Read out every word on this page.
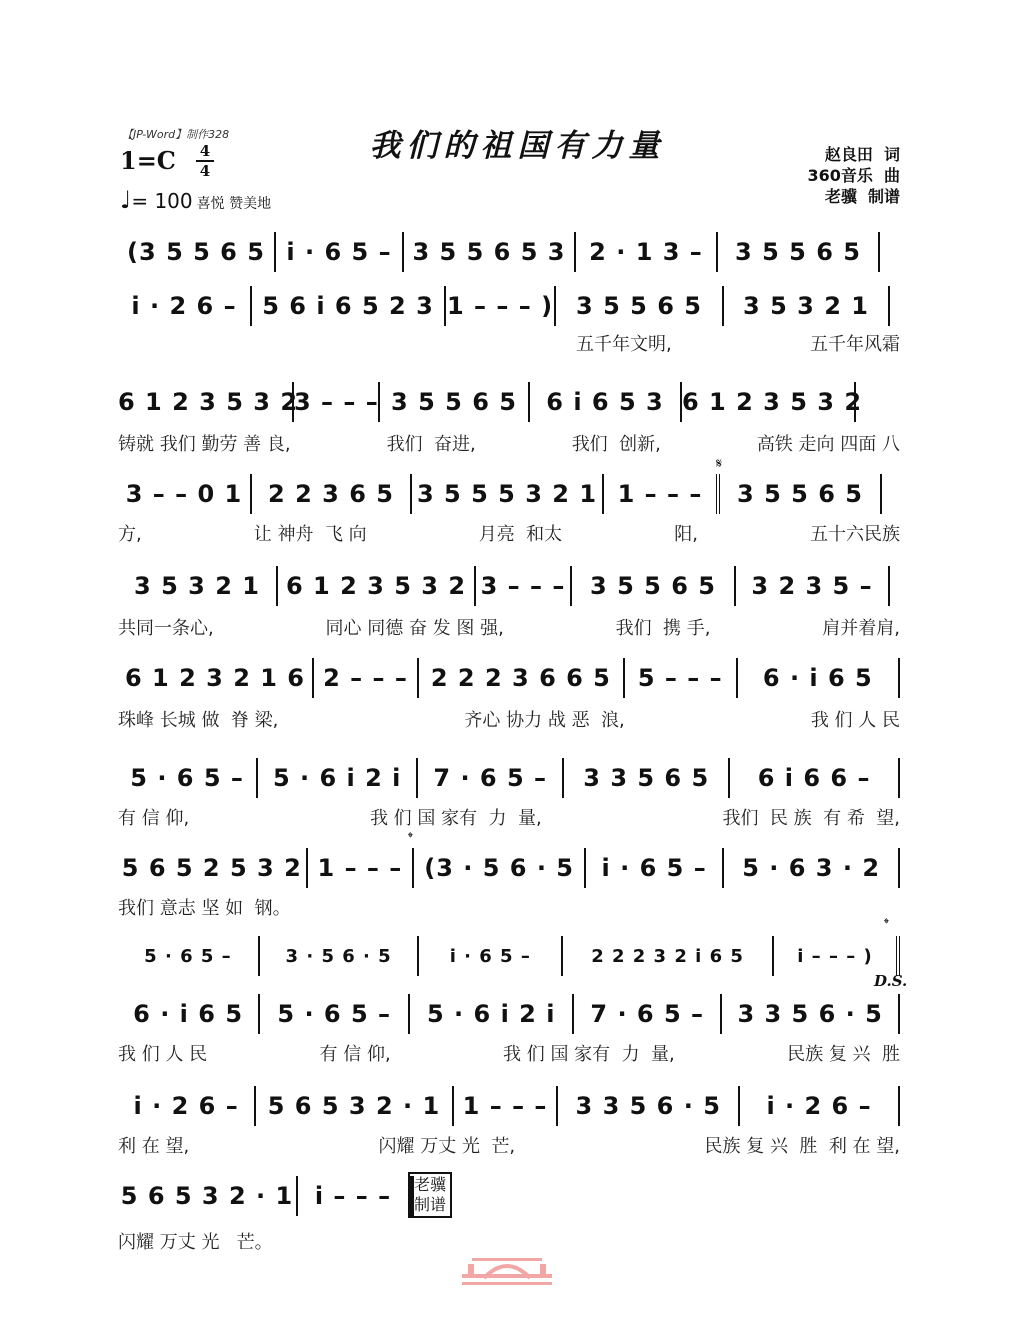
【JP-Word】制作328
1=C 4
4
♩= 100 喜悦 赞美地
我们的祖国有力量	赵良田  词
360音乐  曲
老骥  制谱
(3 5 5 6 5 i · 6 5 – 3 5 5 6 5 3 2 · 1 3 –	3 5 5 6 5
i · 2 6 –	5 6 i 6 5 2 3 1 – – – ) 3 5 5 6 5	3 5 3 2 1
五千年文明,	五千年风霜
6 1 2 3 5 3 2
3 – – – 3 5 5 6 5	6 i 6 5 3 6 1 2 3 5 3 2
铸就 我们 勤劳 善 良,	我们  奋进,	我们  创新,	高铁 走向 四面 八
3 – – 0 1	2 2 3 6 5 3 5 5 5 3 2 1 1 – – –	3 5 5 6 5
𝄋
方,	让 神舟  飞 向	月亮  和太	阳,	五十六民族
3 5 3 2 1	6 1 2 3 5 3 2 3 – – –	3 5 5 6 5	3 2 3 5 –
共同一条心,	同心 同德 奋 发 图 强,	我们  携 手,	肩并着肩,
6 1 2 3 2 1 6 2 – – – 2 2 2 3 6 6 5	5 – – –	6 · i 6 5
珠峰 长城 做  脊 梁,	齐心 协力 战 恶  浪,	我 们 人 民
5 · 6 5 –	5 · 6 i 2 i	7 · 6 5 –	3 3 5 6 5	6 i 6 6 –
有 信 仰,	我 们 国 家有  力  量,	我们  民 族  有 希  望,
5 6 5 2 5 3 2 1 – – – (3 · 5 6 · 5	i · 6 5 –	5 · 6 3 · 2
𝄌
我们 意志 坚 如  钢。
5 · 6 5 –	3 · 5 6 · 5	i · 6 5 –	2 2 2 3 2 i 6 5	i – – – )
𝄌
D.S.
6 · i 6 5	5 · 6 5 –	5 · 6 i 2 i	7 · 6 5 –	3 3 5 6 · 5
我 们 人 民	有 信 仰,	我 们 国 家有  力  量,	民族 复 兴  胜
i · 2 6 –	5 6 5 3 2 · 1 1 – – –	3 3 5 6 · 5	i · 2 6 –
利 在 望,	闪耀 万丈 光  芒,	民族 复 兴  胜  利 在 望,
5 6 5 3 2 · 1 i – – –
闪耀 万丈 光   芒。
老骥
制谱
